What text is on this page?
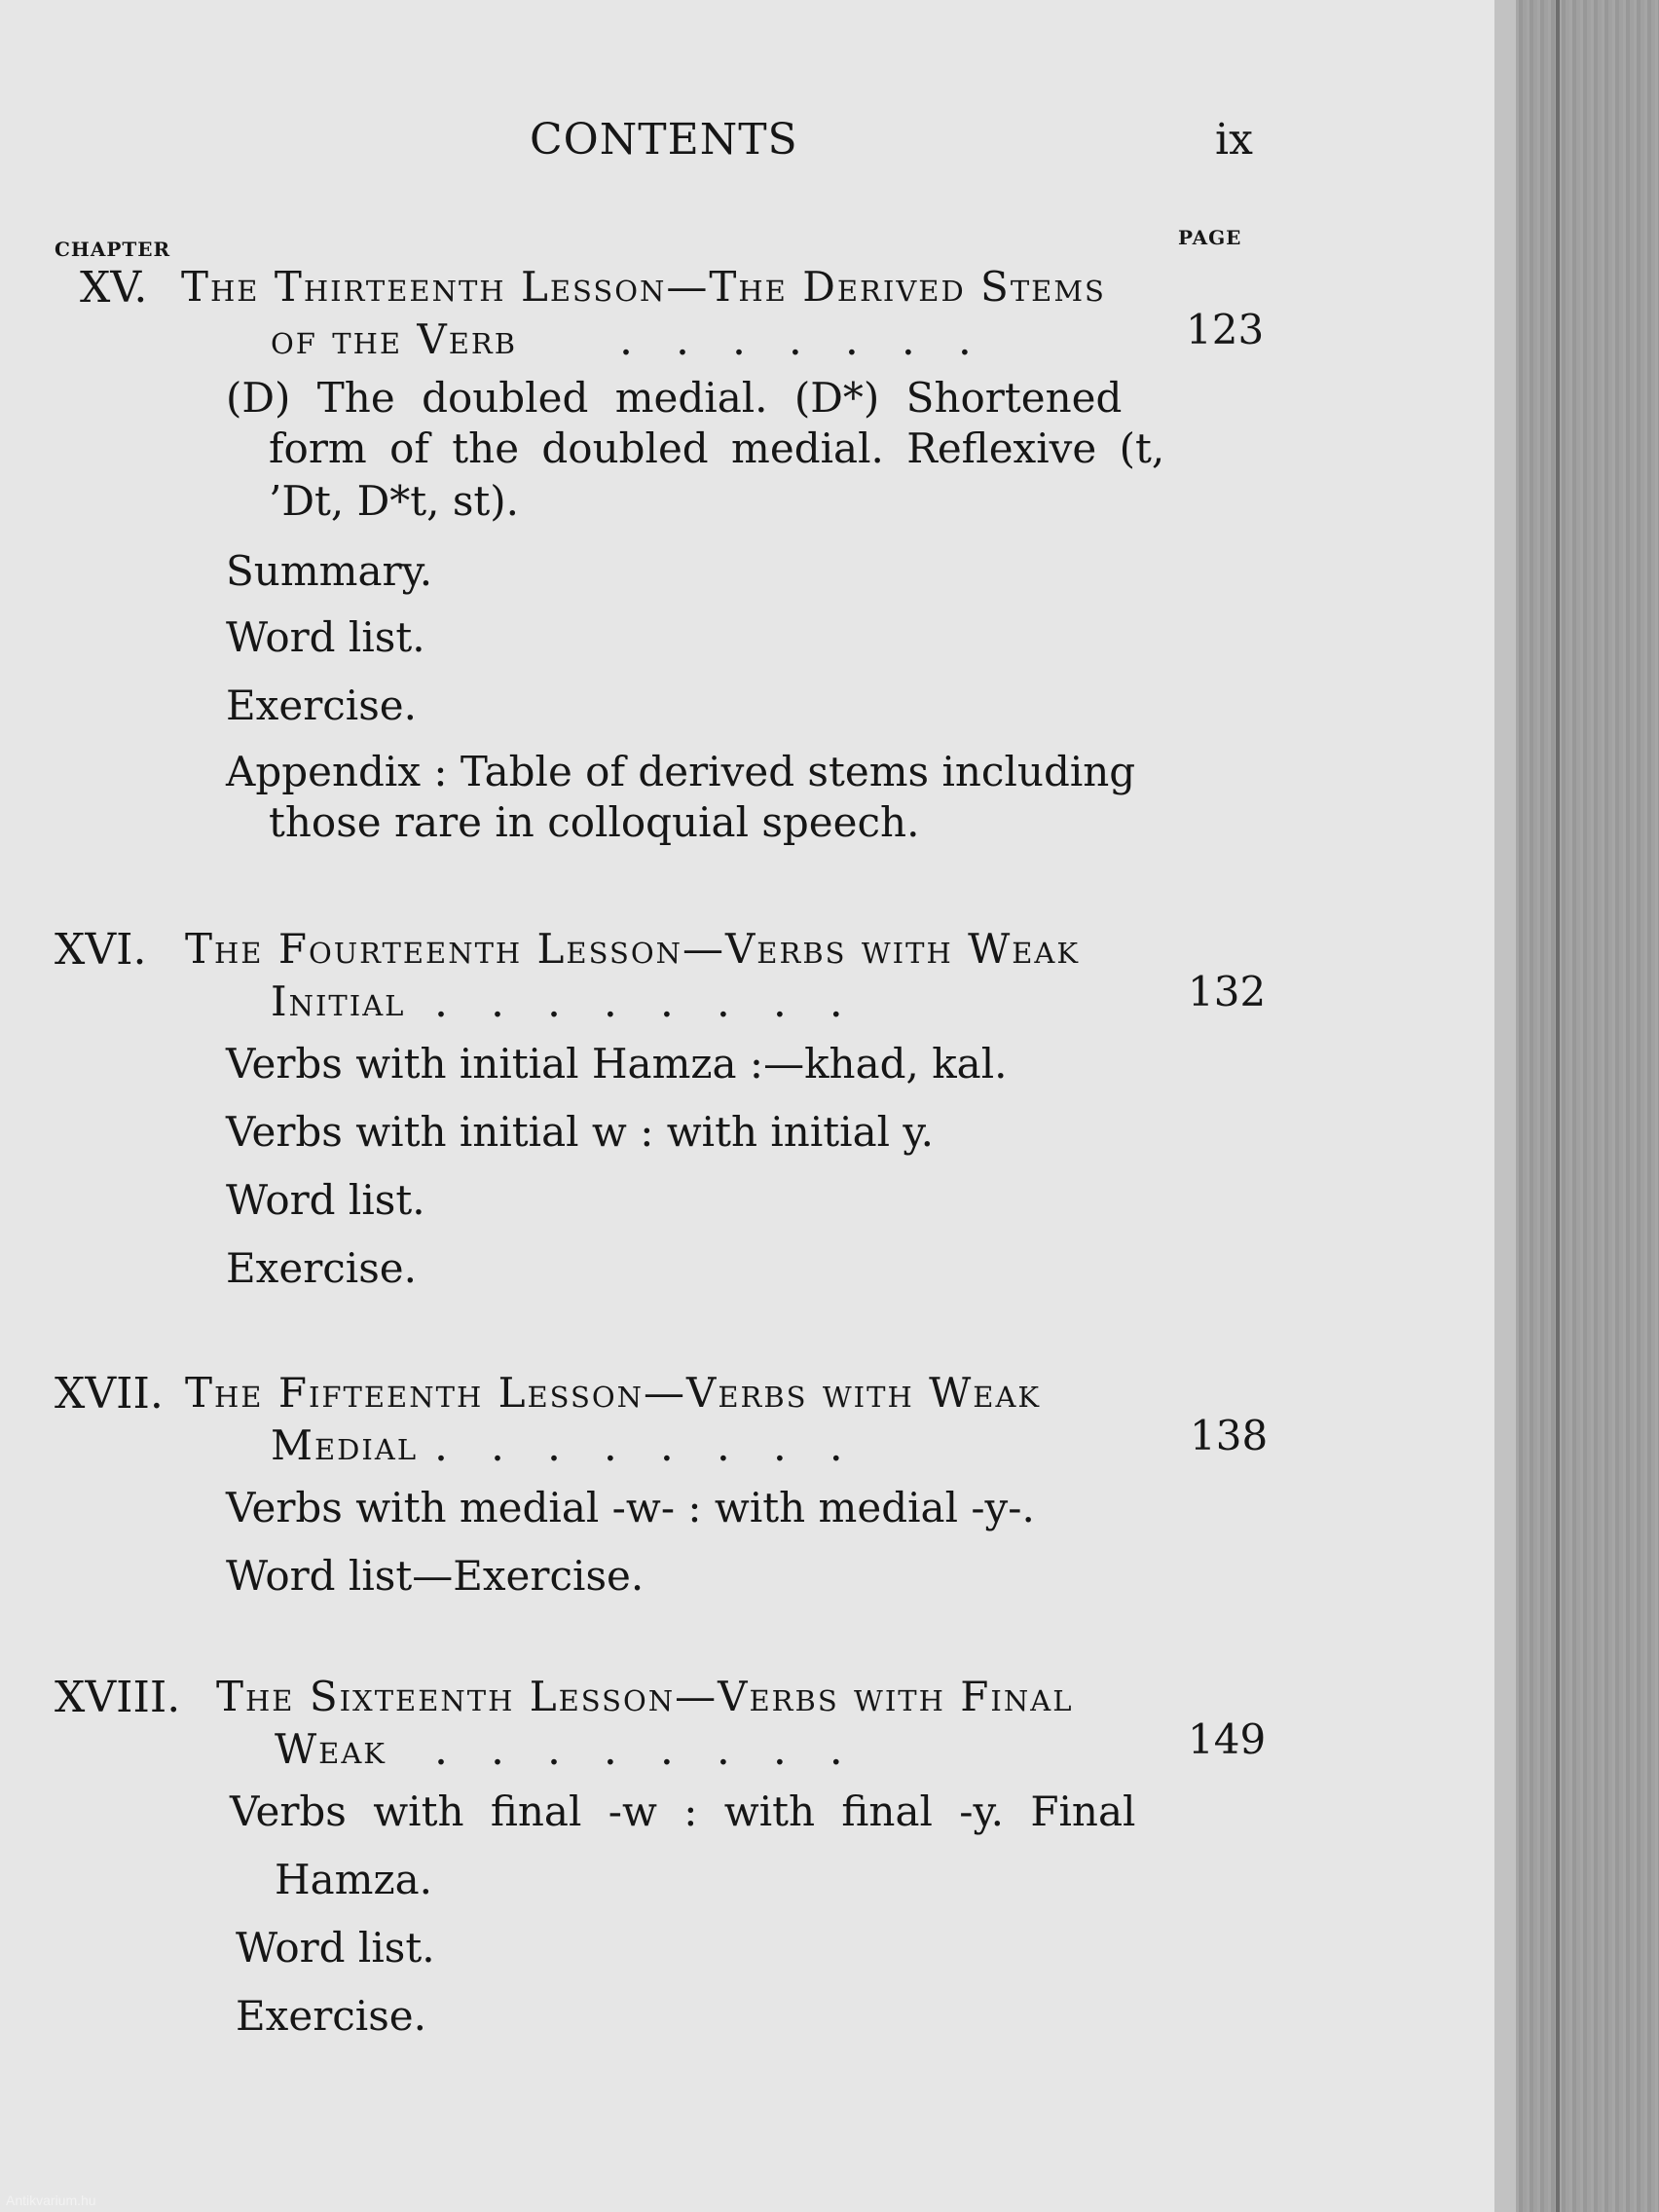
CONTENTS	ix
CHAPTER	PAGE
XV. The Thirteenth Lesson—The Derived Stems
of the Verb . . . . . . .	123
(D) The doubled medial. (D*) Shortened
form of the doubled medial. Reflexive (t,
’Dt, D*t, st).
Summary.
Word list.
Exercise.
Appendix : Table of derived stems including
those rare in colloquial speech.
XVI. The Fourteenth Lesson—Verbs with Weak
Initial . . . . . . . .	132
Verbs with initial Hamza :—khad, kal.
Verbs with initial w : with initial y.
Word list.
Exercise.
XVII. The Fifteenth Lesson—Verbs with Weak
Medial . . . . . . . .	138
Verbs with medial -w- : with medial -y-.
Word list—Exercise.
XVIII. The Sixteenth Lesson—Verbs with Final
Weak . . . . . . . .	149
Verbs with final -w : with final -y. Final
Hamza.
Word list.
Exercise.
Antikvarium.hu
